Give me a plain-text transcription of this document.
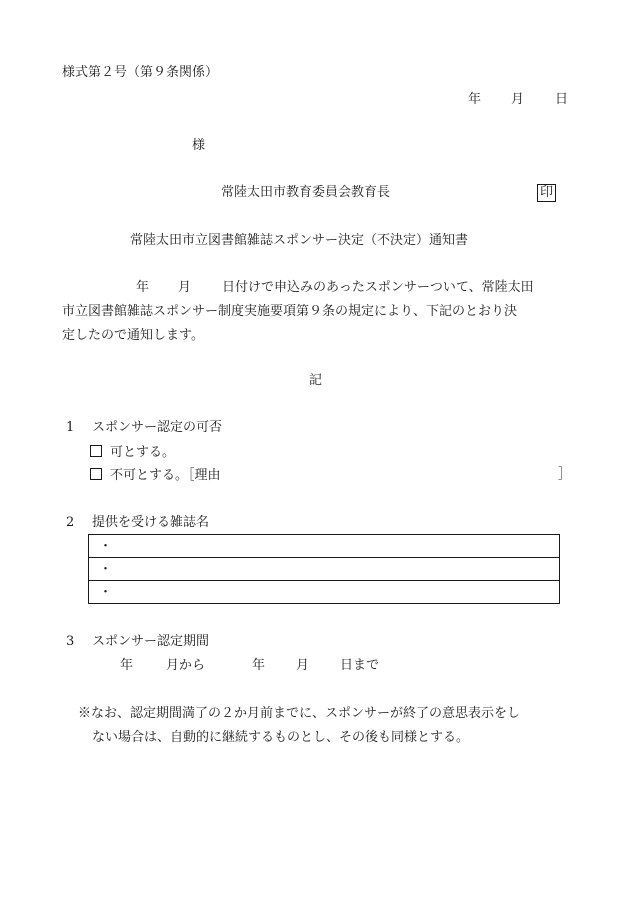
様式第２号（第９条関係）
年 月 日
様
常陸太田市教育委員会教育長	印
常陸太田市立図書館雑誌スポンサー決定（不決定）通知書
年 月 日付けで申込みのあったスポンサーついて、常陸太田
市立図書館雑誌スポンサー制度実施要項第９条の規定により、下記のとおり決
定したので通知します。
記
1 スポンサー認定の可否
可とする。
不可とする。［理由	］
2 提供を受ける雑誌名
・
・
・
3 スポンサー認定期間
年	月から	年 月 日まで
※なお、認定期間満了の２か月前までに、スポンサーが終了の意思表示をし
ない場合は、自動的に継続するものとし、その後も同様とする。
